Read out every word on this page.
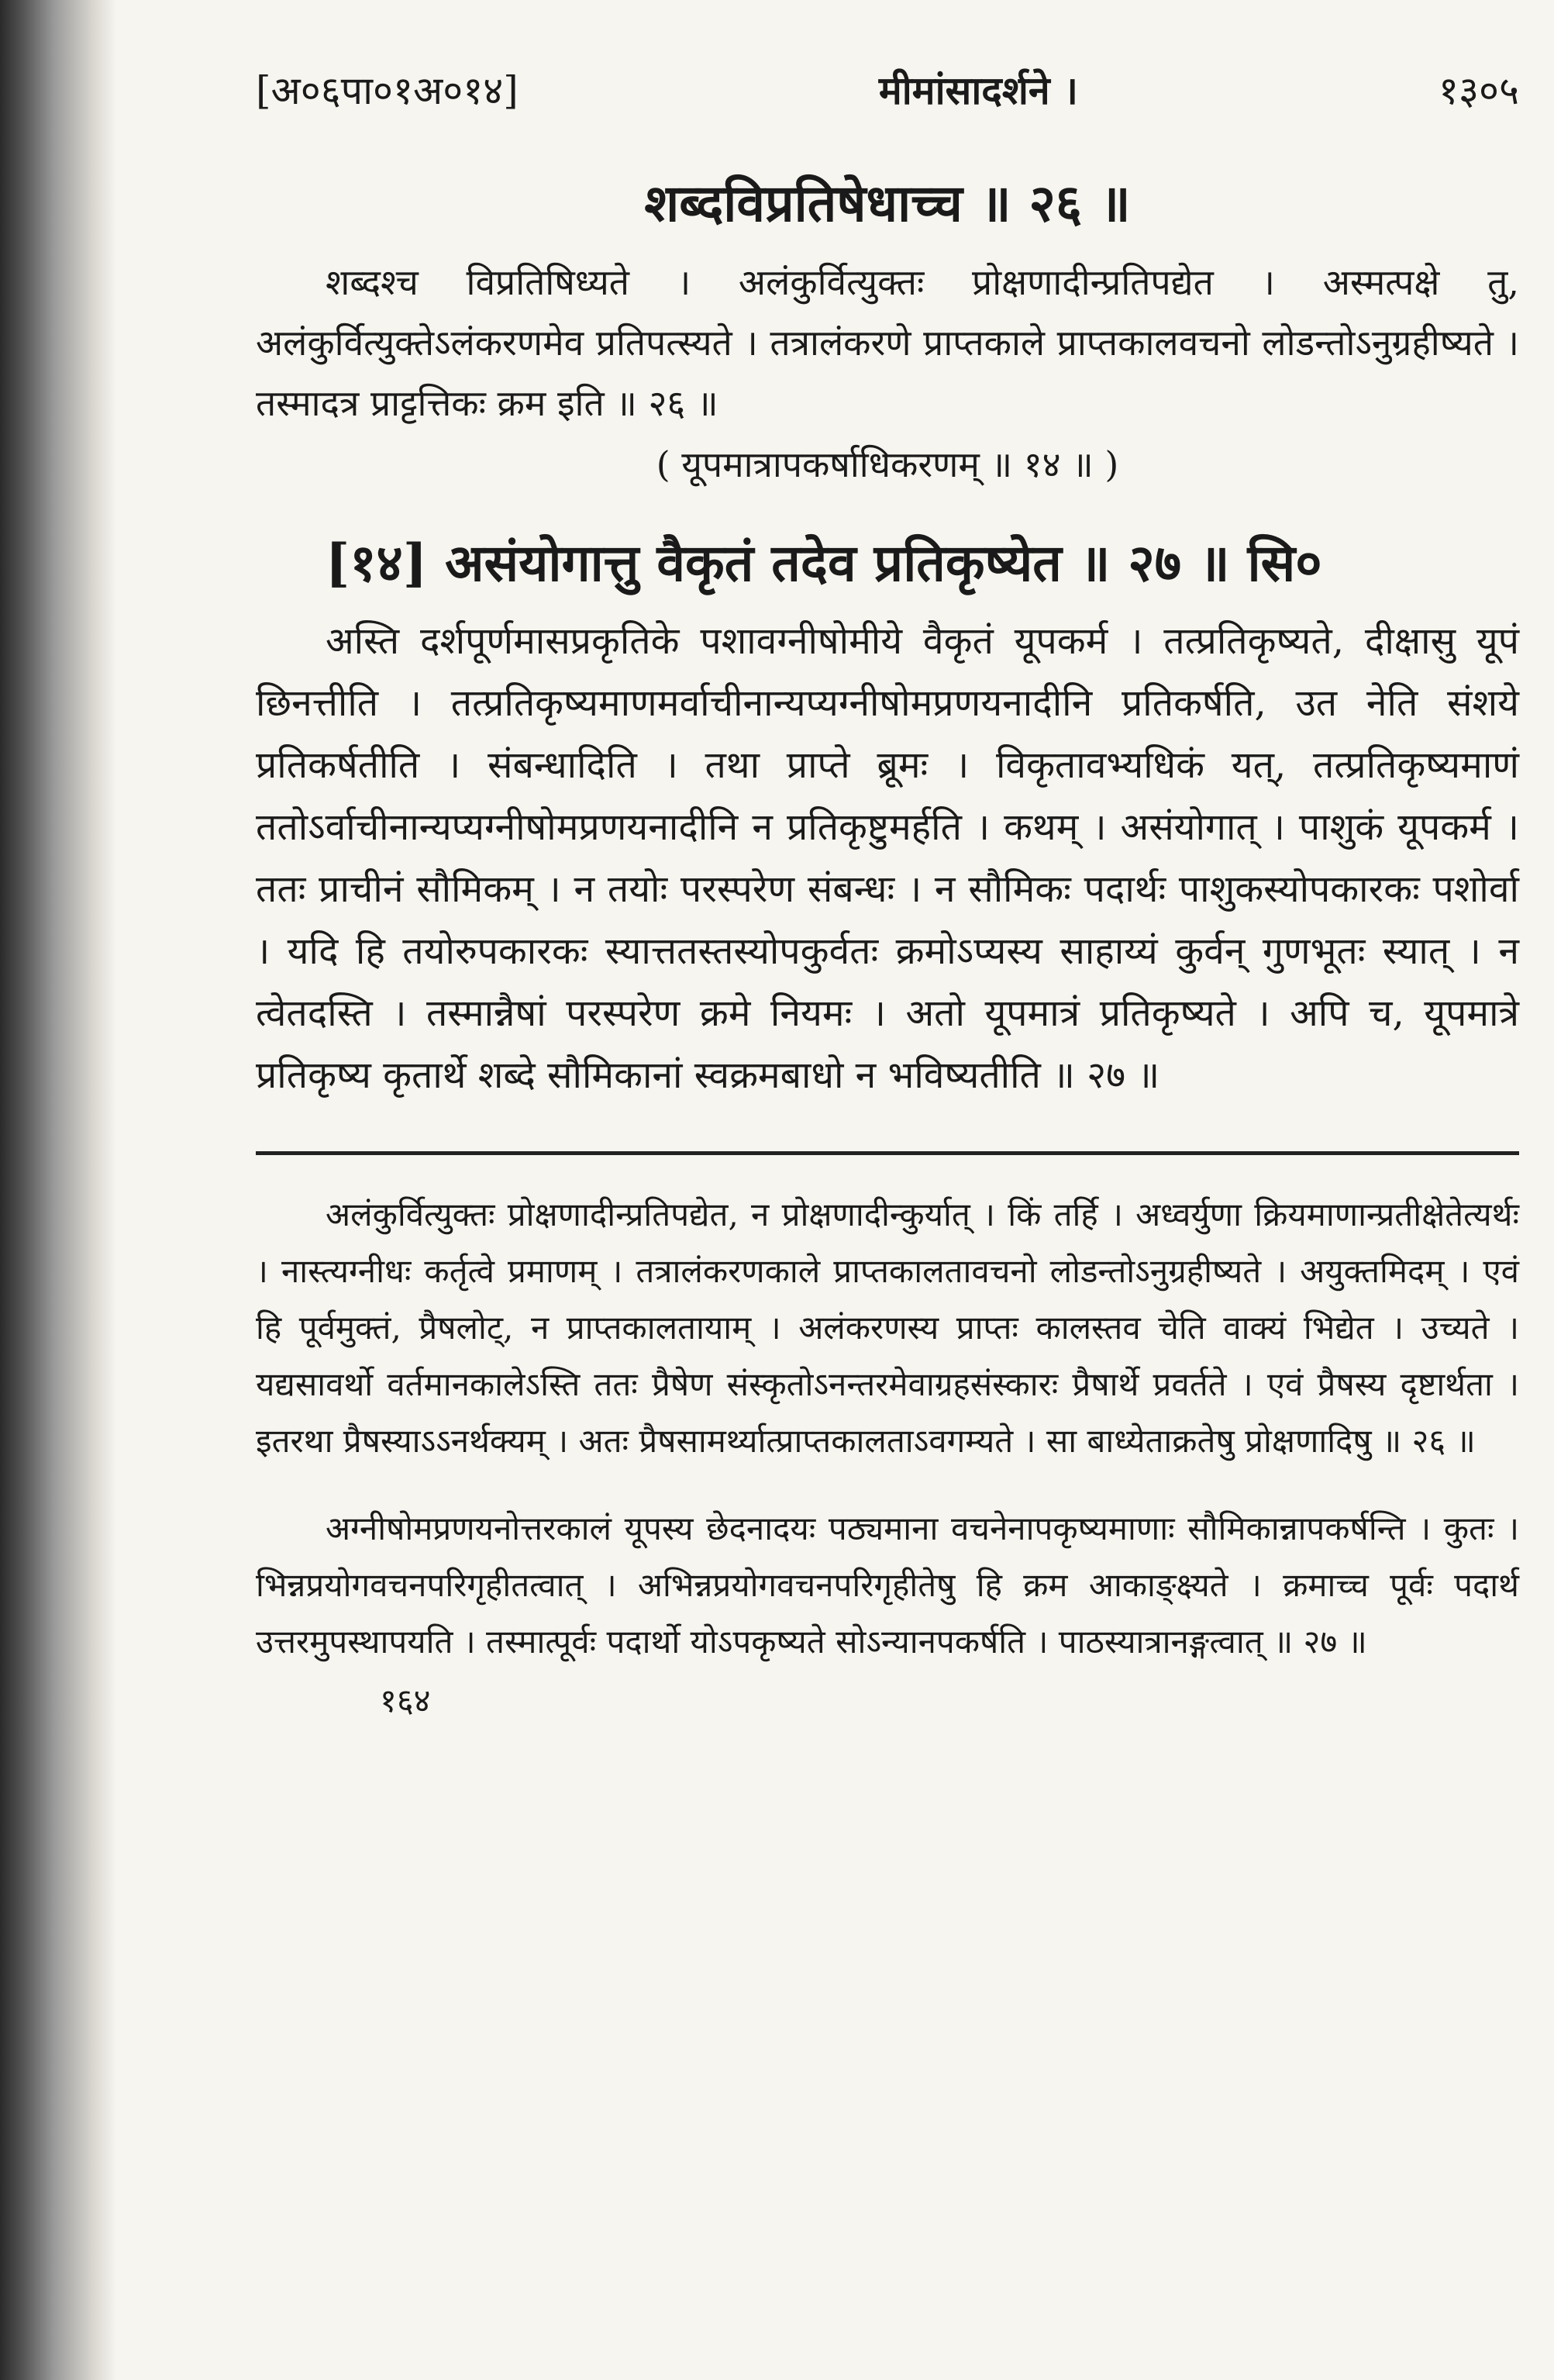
[अ०६पा०१अ०१४]	मीमांसादर्शने ।	१३०५
शब्दविप्रतिषेधाच्च ॥ २६ ॥
शब्दश्च विप्रतिषिध्यते । अलंकुर्वित्युक्तः प्रोक्षणादीन्प्रतिपद्येत । अस्मत्पक्षे तु, अलंकुर्वित्युक्तेऽलंकरणमेव प्रतिपत्स्यते । तत्रालंकरणे प्राप्तकाले प्राप्तकालवचनो लोडन्तोऽनुग्रहीष्यते । तस्मादत्र प्राट्टत्तिकः क्रम इति ॥ २६ ॥
( यूपमात्रापकर्षाधिकरणम् ॥ १४ ॥ )
[१४] असंयोगात्तु वैकृतं तदेव प्रतिकृष्येत ॥ २७ ॥ सि०
अस्ति दर्शपूर्णमासप्रकृतिके पशावग्नीषोमीये वैकृतं यूपकर्म । तत्प्रतिकृष्यते, दीक्षासु यूपं छिनत्तीति । तत्प्रतिकृष्यमाणमर्वाचीनान्यप्यग्नीषोमप्रणयनादीनि प्रतिकर्षति, उत नेति संशये प्रतिकर्षतीति । संबन्धादिति । तथा प्राप्ते ब्रूमः । विकृतावभ्यधिकं यत्, तत्प्रतिकृष्यमाणं ततोऽर्वाचीनान्यप्यग्नीषोमप्रणयनादीनि न प्रतिकृष्टुमर्हति । कथम् । असंयोगात् । पाशुकं यूपकर्म । ततः प्राचीनं सौमिकम् । न तयोः परस्परेण संबन्धः । न सौमिकः पदार्थः पाशुकस्योपकारकः पशोर्वा । यदि हि तयोरुपकारकः स्यात्ततस्तस्योपकुर्वतः क्रमोऽप्यस्य साहाय्यं कुर्वन् गुणभूतः स्यात् । न त्वेतदस्ति । तस्मान्नैषां परस्परेण क्रमे नियमः । अतो यूपमात्रं प्रतिकृष्यते । अपि च, यूपमात्रे प्रतिकृष्य कृतार्थे शब्दे सौमिकानां स्वक्रमबाधो न भविष्यतीति ॥ २७ ॥
अलंकुर्वित्युक्तः प्रोक्षणादीन्प्रतिपद्येत, न प्रोक्षणादीन्कुर्यात् । किं तर्हि । अध्वर्युणा क्रियमाणान्प्रतीक्षेतेत्यर्थः । नास्त्यग्नीधः कर्तृत्वे प्रमाणम् । तत्रालंकरणकाले प्राप्तकालतावचनो लोडन्तोऽनुग्रहीष्यते । अयुक्तमिदम् । एवं हि पूर्वमुक्तं, प्रैषलोट्, न प्राप्तकालतायाम् । अलंकरणस्य प्राप्तः कालस्तव चेति वाक्यं भिद्येत । उच्यते । यद्यसावर्थो वर्तमानकालेऽस्ति ततः प्रैषेण संस्कृतोऽनन्तरमेवाग्रहसंस्कारः प्रैषार्थे प्रवर्तते । एवं प्रैषस्य दृष्टार्थता । इतरथा प्रैषस्याऽऽनर्थक्यम् । अतः प्रैषसामर्थ्यात्प्राप्तकालताऽवगम्यते । सा बाध्येताक्रतेषु प्रोक्षणादिषु ॥ २६ ॥
अग्नीषोमप्रणयनोत्तरकालं यूपस्य छेदनादयः पठ्यमाना वचनेनापकृष्यमाणाः सौमिकान्नापकर्षन्ति । कुतः । भिन्नप्रयोगवचनपरिगृहीतत्वात् । अभिन्नप्रयोगवचनपरिगृहीतेषु हि क्रम आकाङ्क्ष्यते । क्रमाच्च पूर्वः पदार्थ उत्तरमुपस्थापयति । तस्मात्पूर्वः पदार्थो योऽपकृष्यते सोऽन्यानपकर्षति । पाठस्यात्रानङ्गत्वात् ॥ २७ ॥
१६४
